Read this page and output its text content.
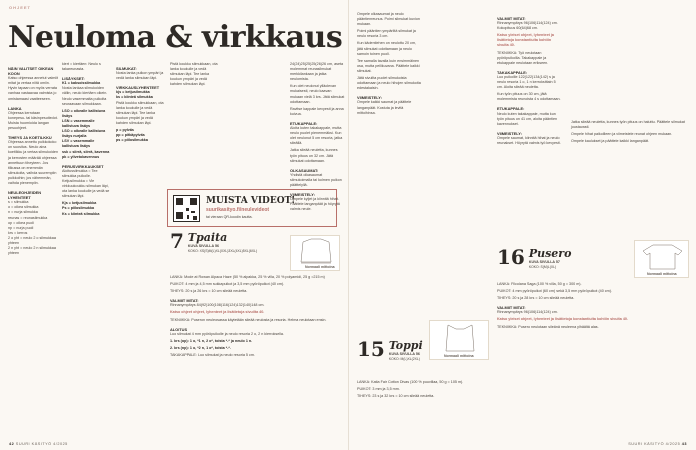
OHJEET
Neuloma & virkkaus
NÄIN VALITSET OIKEAN KOON

Katso ohjeessa annetut valmiit mitat ja vertaa niitä omiin. Hyvin tapaan on myös verrata vanhaa vastaavaa valmista jo omistamaasi vaatteeseen.

LANKA

Ohjeessa kerrotaan konepesu- tai käsinpesutiedot. Muista huomioida langan pesuohjeet.

TIHEYS JA KOETILKKU

Ohjeessa annettu puikkokoko on suositus. Neulo aina koetilkku ja vertaa silmukoiden ja kerrosten määrää ohjeessa annettuun tiheyteen. Jos tilkussa on enemmän silmukoita, vaihda suurempiin puikkoihin; jos vähemmän, vaihda pienempiin.

NEULEOHJEIDEN LYHENTEET
s = silmukka
o = oikea silmukka
n = nurja silmukka
reunas = reunasilmukka
op = oikea puoli
np = nurja puoli
krs = kerros
2 o yht = neulo 2 o silmukkaa yhteen
2 n yht = neulo 2 n silmukkaa yhteen

kiert = kiertäen: Neulo s takareunasta.

LISÄYKSET:
K1 = kaksoissilmukka

Nosta lankaa silmukoiden väliin, neulo kiertäen oikein. Neulo vasemmalta puikolta seuraavaan silmukkaan.

LSO = oikealle kallistuva lisäys
LSN = vasemmalle kallistuva lisäys
LSO = oikealle kallistuva lisäys nurjalla
LSV = vasemmalle kallistuva lisäys
ssk = siirrä, siirrä, kavenna
pk = ylivetokavennus
PERUSVIRKKAUKSET

Aloitussilmukka = Tee silmukka puikolle. Ketjusilmukka = Vie virkkuukoukku silmukan läpi, ota lanka koukulle ja vedä se silmukan läpi.

Kjs = ketjusilmukka
Ps = piilosilmukka
Ks = kiinteä silmukka
SILMUKAT:

Nosta lanka puikon ympäri ja vedä lanka silmukan läpi.

VIRKKAUSLYHENTEET
kjs = ketjusilmukka
ks = kiinteä silmukka

Pistä koukku silmukkaan, ota lanka koukulle ja vedä silmukan läpi. Tee lanka koukun ympäri ja vedä kahden silmukan läpi.

p = pylväs
pp = pitkäpylväs
ps = piilosilmukka

Pistä koukku silmukkaan, ota lanka koukulle ja vedä silmukan läpi. Tee lanka koukun ympäri ja vedä kahden silmukan läpi.

MUISTA VIDEOT!
suurikasityo.fi/neulevideot
tai vieraan QR-koodin kautta.
7 Tpaita
KUVA SIVULLA 56
KOKO: XS(S)M(L)XL(XXL)3XL(4XL)5XL(6XL)
Normaali mittoina

LANKA: Mode at Rowan Alpaca Haze (50 % alpakka, 25 % villa, 20 % polyamidi, 25 g =215 m)

PUIKOT: 4 mm ja 4,5 mm sukkapuikot ja 3,5 mm pyöröpuikot (40 cm).

TIHEYS: 20 s ja 26 krs = 10 cm sileää neuletta.

VALMIIT MITAT:

Rinnanympärys 84(92)100(108)116(124)132(140)148 cm.

Katso ohjeet ohjeet, lyhenteet ja lisätietoja sivuilta 40.

TEKNIIKKA: Puseron neuleosassa käytetään sileää neulosta ja resoria. Helma neulotaan ensin.

ALOITUS

Luo silmukat 4 mm pyöröpuikolle ja neulo resoria 2 o, 2 n kierroksella.

1. krs (op): 1 o, *1 n, 2 o*, toista *-* ja neulo 1 n.

2. krs (np): 1 o, *2 n, 1 o*, toista *-*.

TAKAKAPPALE: Luo silmukat ja neulo resoria 5 cm.

24(24)25(25)25(26)26 cm, aseta molemmat reunasilmukat merkkilankaan ja jatka neulomista.

Kun olet neulonut ylläolevan mukaisesti, neulo kaavan mukaan vielä 3 krs. Jätä silmukat odottamaan.

Ravitse kappale kevyesti ja anna kuivua.

ETUKAPPALE:

Aloita kuten takakappale, mutta neulo puolet pienemmäksi. Kun olet neulonut 5 cm resoria, jatka sileällä.

Jatka sileää neuletta, kunnes työn pituus on 32 cm. Jätä silmukat odottamaan.

OLKASAUMAT:

Yhdistä olkasaumat silmukoimalla tai kolmen puikon päättelyllä.

VIIMEISTELY:

Ompele kyljet ja kiinnitä hihat. Päättele langanpäät ja höyrytä valmis neule.

42 SUURI KÄSITYÖ 4/2025

Ompele olkasaumat ja neulo pääntienreunus. Poimi silmukat kuvion mukaan.

Poimi pääntien ympäriltä silmukat ja neulo resoria 3 cm.

Kun kädentiehen on neulottu 20 cm, jätä silmukat odottamaan ja neulo samoin toinen puoli.

Tee samalla tavalla kuin ensimmäinen osa, mutta peilikuvana. Päättele kaikki silmukat.

Jätä sivuilta puolet silmukoista odottamaan ja neulo hihojen silmukoita edestakaisin.

VIIMEISTELY:

Ompele kaikki saumat ja päättele langanpäät. Kostuta ja levitä mittoihinsa.

Normaali mittoina
15 Toppi
KUVA SIVULLA 56
KOKO: M(L)XL(2XL)

LANKA: Katia Fair Cotton Divas (100 % puuvillaa, 50 g = 105 m).

PUIKOT: 3 mm ja 3,5 mm.

TIHEYS: 23 s ja 32 krs = 10 cm sileää neuletta.

VALMIIT MITAT:

Rinnanympärys 96(106)114(124) cm. Kokopituus 60(64)68 cm.

Katso yleiset ohjeet, lyhenteet ja lisätietoja konstantiulta kohtiin sivulta 40.

TEKNIIKKA: Työ neulotaan pyöröpuikoilla. Takakappale ja etukappale neulotaan erikseen.

TAKAKAPPALE:

Luo puikoille 122(122)134(142) s ja neulo resoria 1 o, 1 n kerroksittain 5 cm. Aloita sileää neuletta.

Kun työn pituus on 30 cm, jätä molemmista reunoista 4 s odottamaan.

ETUKAPPALE:

Neulo kuten takakappale, mutta kun työn pituus on 41 cm, aloita pääntien kavennukset.

VIIMEISTELY:

Ompele saumat, kiinnitä hihat ja neulo reunakset. Höyrytä valmis työ kevyesti.

Jatka sileää neuletta, kunnes työn pituus on haluttu. Päättele silmukat joustavasti.

Ompele hihat paikoilleen ja viimeistele reunat ohjeen mukaan.

Ompele kaulukset ja päättele kaikki langanpäät.

16 Pusero
KUVA SIVULLA 57
KOKO: S(M)L(XL)
Normaali mittoina

LANKA: Filcolana Saga (100 % villa, 50 g = 300 m).

PUIKOT: 4 mm pyöröpuikot (60 cm) sekä 3,5 mm pyöröpuikot (40 cm).

TIHEYS: 20 s ja 28 krs = 10 cm sileää neuletta.

VALMIIT MITAT:

Rinnanympärys 96(106)114(124) cm.

Katso yleiset ohjeet, lyhenteet ja lisätietoja konstantiulta kohtiin sivulta 40.

TEKNIIKKA: Pusero neulotaan sileänä neuleena ylhäältä alas.

SUURI KÄSITYÖ 4/2025 43
